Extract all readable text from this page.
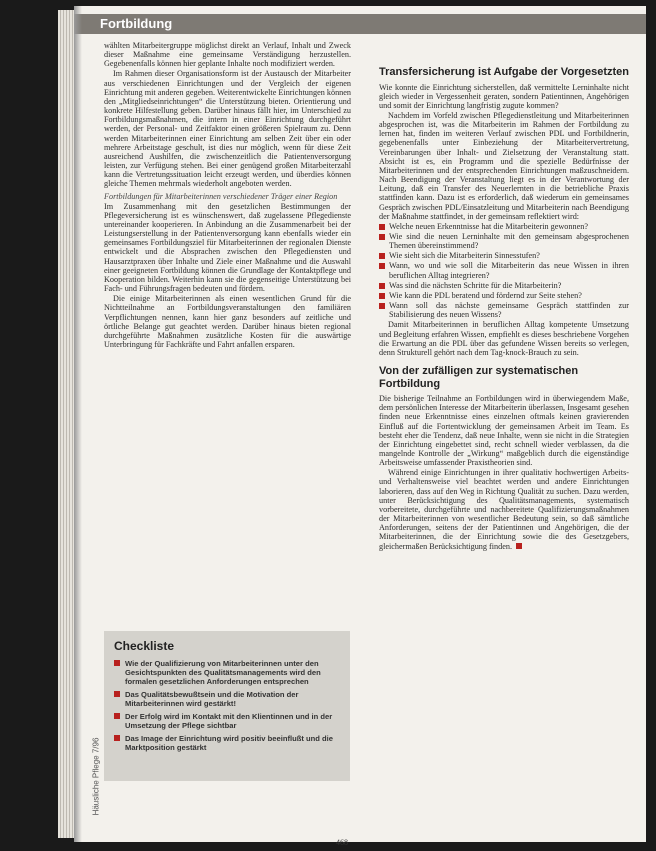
Fortbildung

wählten Mitarbeitergruppe möglichst direkt an Verlauf, Inhalt und Zweck dieser Maßnahme eine gemeinsame Verständigung herzustellen. Gegebenenfalls können hier geplante Inhalte noch modifiziert werden.

Im Rahmen dieser Organisationsform ist der Austausch der Mitarbeiter aus verschiedenen Einrichtungen und der Vergleich der eigenen Einrichtung mit anderen gegeben. Weiterentwickelte Einrichtungen können den „Mitgliedseinrichtungen“ die Unterstützung bieten. Orientierung und konkrete Hilfestellung geben. Darüber hinaus fällt hier, im Unterschied zu Fortbildungsmaßnahmen, die intern in einer Einrichtung durchgeführt werden, der Personal- und Zeitfaktor einen größeren Spielraum zu. Denn werden Mitarbeiterinnen einer Einrichtung am selben Zeit über ein oder mehrere Arbeitstage geschult, ist dies nur möglich, wenn für diese Zeit ausreichend Aushilfen, die zwischenzeitlich die Patientenversorgung leisten, zur Verfügung stehen. Bei einer genügend großen Mitarbeiterzahl kann die Vertretungssituation leicht erzeugt werden, und überdies können gleiche Themen mehrmals wiederholt angeboten werden.

Fortbildungen für Mitarbeiterinnen verschiedener Träger einer Region

Im Zusammenhang mit den gesetzlichen Bestimmungen der Pflegeversicherung ist es wünschenswert, daß zugelassene Pflegedienste untereinander kooperieren. In Anbindung an die Zusammenarbeit bei der Leistungserstellung in der Patientenversorgung kann ebenfalls wieder ein gemeinsames Fortbildungsziel für Mitarbeiterinnen der regionalen Dienste entwickelt und die Absprachen zwischen den Pflegediensten und Hausarztpraxen über Inhalte und Ziele einer Maßnahme und die Auswahl einer geeigneten Fortbildung können die Grundlage der Kontaktpflege und Kooperation bilden. Weiterhin kann sie die gegenseitige Unterstützung bei Fach- und Führungsfragen bedeuten und fördern.

Die einige Mitarbeiterinnen als einen wesentlichen Grund für die Nichtteilnahme an Fortbildungsveranstaltungen den familiären Verpflichtungen nennen, kann hier ganz besonders auf zeitliche und örtliche Belange gut geachtet werden. Darüber hinaus bieten regional durchgeführte Maßnahmen zusätzliche Kosten für die auswärtige Unterbringung für Fachkräfte und Fahrt anfallen ersparen.

Checkliste
Wie der Qualifizierung von Mitarbeiterinnen unter den Gesichtspunkten des Qualitätsmanagements wird den formalen gesetzlichen Anforderungen entsprechen
Das Qualitätsbewußtsein und die Motivation der Mitarbeiterinnen wird gestärkt!
Der Erfolg wird im Kontakt mit den Klientinnen und in der Umsetzung der Pflege sichtbar
Das Image der Einrichtung wird positiv beeinflußt und die Marktposition gestärkt
Transfersicherung ist Aufgabe der Vorgesetzten

Wie konnte die Einrichtung sicherstellen, daß vermittelte Lerninhalte nicht gleich wieder in Vergessenheit geraten, sondern Patientinnen, Angehörigen und somit der Einrichtung langfristig zugute kommen?

Nachdem im Vorfeld zwischen Pflegedienstleitung und Mitarbeiterinnen abgesprochen ist, was die Mitarbeiterin im Rahmen der Fortbildung zu lernen hat, finden im weiteren Verlauf zwischen PDL und Fortbildnerin, gegebenenfalls unter Einbeziehung der Mitarbeitervertretung, Vereinbarungen über Inhalt- und Zielsetzung der Veranstaltung statt. Absicht ist es, ein Programm und die spezielle Bedürfnisse der Mitarbeiterinnen und der entsprechenden Einrichtungen maßzuschneidern. Nach Beendigung der Veranstaltung liegt es in der Verantwortung der Leitung, daß ein Transfer des Neuerlernten in die betriebliche Praxis stattfinden kann. Dazu ist es erforderlich, daß wiederum ein gemeinsames Gespräch zwischen PDL/Einsatzleitung und Mitarbeiterin nach Beendigung der Maßnahme stattfindet, in der gemeinsam reflektiert wird:

Welche neuen Erkenntnisse hat die Mitarbeiterin gewonnen?
Wie sind die neuen Lerninhalte mit den gemeinsam abgesprochenen Themen übereinstimmend?
Wie sieht sich die Mitarbeiterin Sinnesstufen?
Wann, wo und wie soll die Mitarbeiterin das neue Wissen in ihren beruflichen Alltag integrieren?
Was sind die nächsten Schritte für die Mitarbeiterin?
Wie kann die PDL beratend und fördernd zur Seite stehen?
Wann soll das nächste gemeinsame Gespräch stattfinden zur Stabilisierung des neuen Wissens?

Damit Mitarbeiterinnen in beruflichen Alltag kompetente Umsetzung und Begleitung erfahren Wissen, empfiehlt es dieses beschriebene Vorgehen die Erwartung an die PDL über das gefundene Wissen bereits so verlegen, denn Strukturell gehört nach dem Tag-knock-Brauch zu sein.

Von der zufälligen zur systematischen Fortbildung

Die bisherige Teilnahme an Fortbildungen wird in überwiegendem Maße, dem persönlichen Interesse der Mitarbeiterin überlassen, Insgesamt gesehen finden neue Erkenntnisse eines einzelnen oftmals keinen gravierenden Einfluß auf die Fortentwicklung der gemeinsamen Arbeit im Team. Es besteht eher die Tendenz, daß neue Inhalte, wenn sie nicht in die Strategien der Einrichtung eingebettet sind, recht schnell wieder verblassen, da die mangelnde Kontrolle der „Wirkung“ maßgeblich durch die eigenständige Arbeitsweise umfassender Praxistheorien sind.

Während einige Einrichtungen in ihrer qualitativ hochwertigen Arbeits- und Verhaltensweise viel beachtet werden und andere Einrichtungen laborieren, dass auf den Weg in Richtung Qualität zu suchen. Dazu werden, unter Berücksichtigung des Qualitätsmanagements, systematisch vorbereitete, durchgeführte und nachbereitete Qualifizierungsmaßnahmen der Mitarbeiterinnen von wesentlicher Bedeutung sein, so daß sämtliche Anforderungen, seitens der der Patientinnen und Angehörigen, die der Mitarbeiterinnen, die der Einrichtung sowie die des Gesetzgebers, gleichermaßen Berücksichtigung finden.

Häusliche Pflege 7/96
468
